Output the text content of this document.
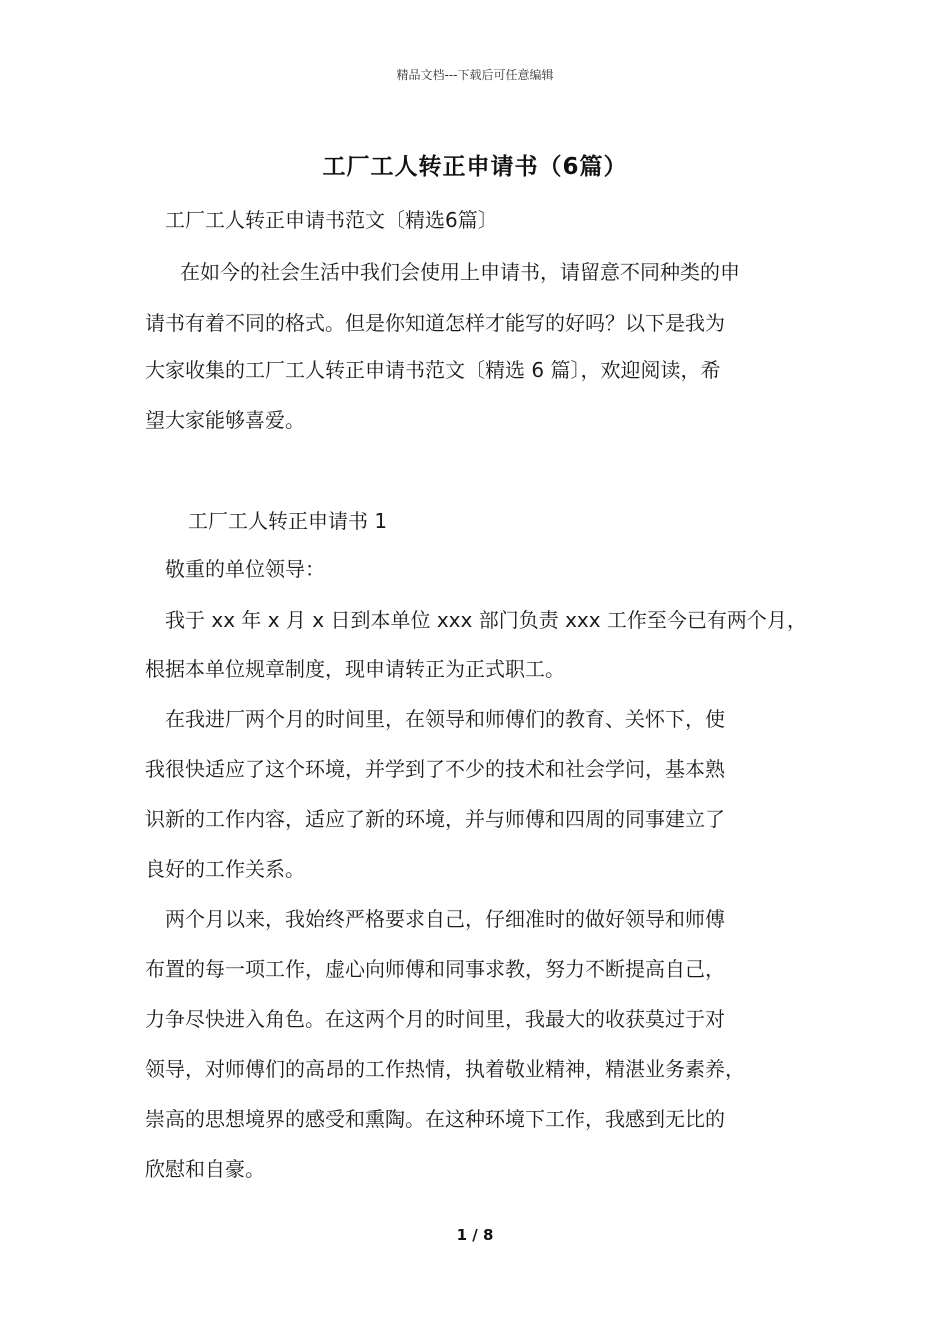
精品文档---下载后可任意编辑
工厂工人转正申请书（6篇）
工厂工人转正申请书范文〔精选6篇〕
在如今的社会生活中我们会使用上申请书，请留意不同种类的申
请书有着不同的格式。但是你知道怎样才能写的好吗？以下是我为
大家收集的工厂工人转正申请书范文〔精选 6 篇〕，欢迎阅读，希
望大家能够喜爱。
工厂工人转正申请书 1
敬重的单位领导：
我于 xx 年 x 月 x 日到本单位 xxx 部门负责 xxx 工作至今已有两个月，
根据本单位规章制度，现申请转正为正式职工。
在我进厂两个月的时间里，在领导和师傅们的教育、关怀下，使
我很快适应了这个环境，并学到了不少的技术和社会学问，基本熟
识新的工作内容，适应了新的环境，并与师傅和四周的同事建立了
良好的工作关系。
两个月以来，我始终严格要求自己，仔细准时的做好领导和师傅
布置的每一项工作，虚心向师傅和同事求教，努力不断提高自己，
力争尽快进入角色。在这两个月的时间里，我最大的收获莫过于对
领导，对师傅们的高昂的工作热情，执着敬业精神，精湛业务素养，
崇高的思想境界的感受和熏陶。在这种环境下工作，我感到无比的
欣慰和自豪。
1 / 8
